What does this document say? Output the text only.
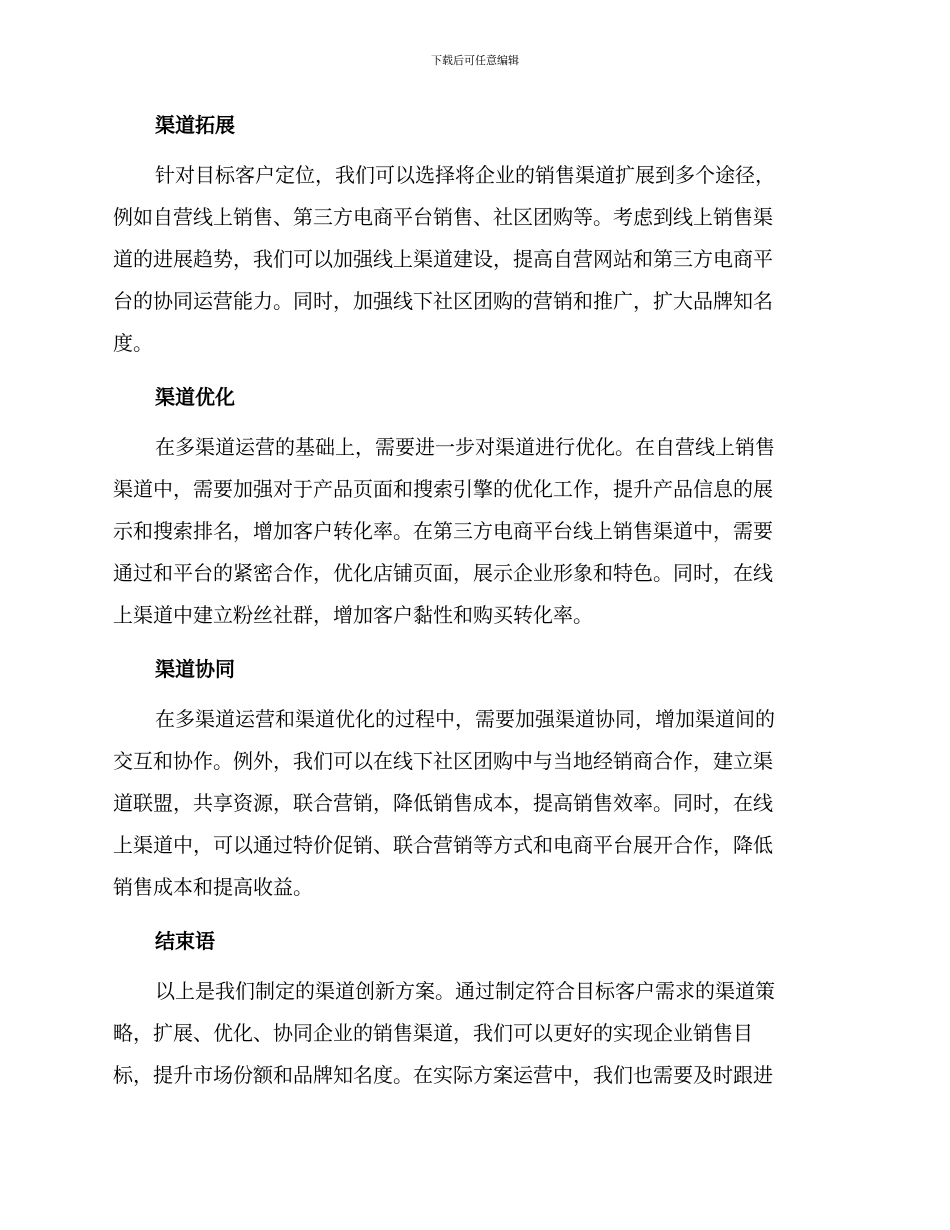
下载后可任意编辑
渠道拓展
针对目标客户定位，我们可以选择将企业的销售渠道扩展到多个途径，
例如自营线上销售、第三方电商平台销售、社区团购等。考虑到线上销售渠
道的进展趋势，我们可以加强线上渠道建设，提高自营网站和第三方电商平
台的协同运营能力。同时，加强线下社区团购的营销和推广，扩大品牌知名
度。
渠道优化
在多渠道运营的基础上，需要进一步对渠道进行优化。在自营线上销售
渠道中，需要加强对于产品页面和搜索引擎的优化工作，提升产品信息的展
示和搜索排名，增加客户转化率。在第三方电商平台线上销售渠道中，需要
通过和平台的紧密合作，优化店铺页面，展示企业形象和特色。同时，在线
上渠道中建立粉丝社群，增加客户黏性和购买转化率。
渠道协同
在多渠道运营和渠道优化的过程中，需要加强渠道协同，增加渠道间的
交互和协作。例外，我们可以在线下社区团购中与当地经销商合作，建立渠
道联盟，共享资源，联合营销，降低销售成本，提高销售效率。同时，在线
上渠道中，可以通过特价促销、联合营销等方式和电商平台展开合作，降低
销售成本和提高收益。
结束语
以上是我们制定的渠道创新方案。通过制定符合目标客户需求的渠道策
略，扩展、优化、协同企业的销售渠道，我们可以更好的实现企业销售目
标，提升市场份额和品牌知名度。在实际方案运营中，我们也需要及时跟进
